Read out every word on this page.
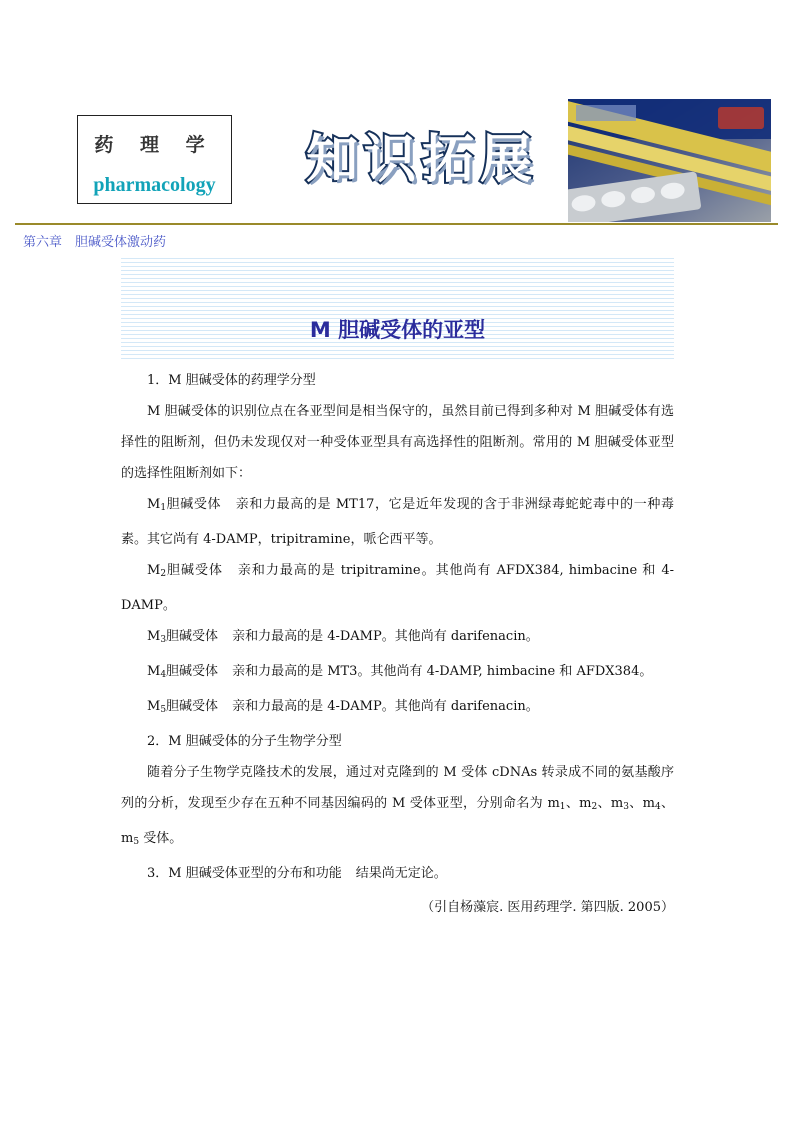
药 理 学
pharmacology 知识拓展
第六章　胆碱受体激动药
M 胆碱受体的亚型

1．M 胆碱受体的药理学分型

M 胆碱受体的识别位点在各亚型间是相当保守的，虽然目前已得到多种对 M 胆碱受体有选择性的阻断剂，但仍未发现仅对一种受体亚型具有高选择性的阻断剂。常用的 M 胆碱受体亚型的选择性阻断剂如下：

$M_1$胆碱受体 亲和力最高的是 MT17，它是近年发现的含于非洲绿毒蛇蛇毒中的一种毒素。其它尚有 4-DAMP，tripitramine，哌仑西平等。

$M_2$胆碱受体 亲和力最高的是 tripitramine。其他尚有 AFDX384, himbacine 和 4-DAMP。

$M_3$胆碱受体 亲和力最高的是 4-DAMP。其他尚有 darifenacin。

$M_4$胆碱受体 亲和力最高的是 MT3。其他尚有 4-DAMP, himbacine 和 AFDX384。

$M_5$胆碱受体 亲和力最高的是 4-DAMP。其他尚有 darifenacin。

2．M 胆碱受体的分子生物学分型

随着分子生物学克隆技术的发展，通过对克隆到的 M 受体 cDNAs 转录成不同的氨基酸序列的分析，发现至少存在五种不同基因编码的 M 受体亚型，分别命名为 $m_1$、$m_2$、$m_3$、$m_4$、$m_5$ 受体。

3．M 胆碱受体亚型的分布和功能 结果尚无定论。

（引自杨藻宸. 医用药理学. 第四版. 2005）
